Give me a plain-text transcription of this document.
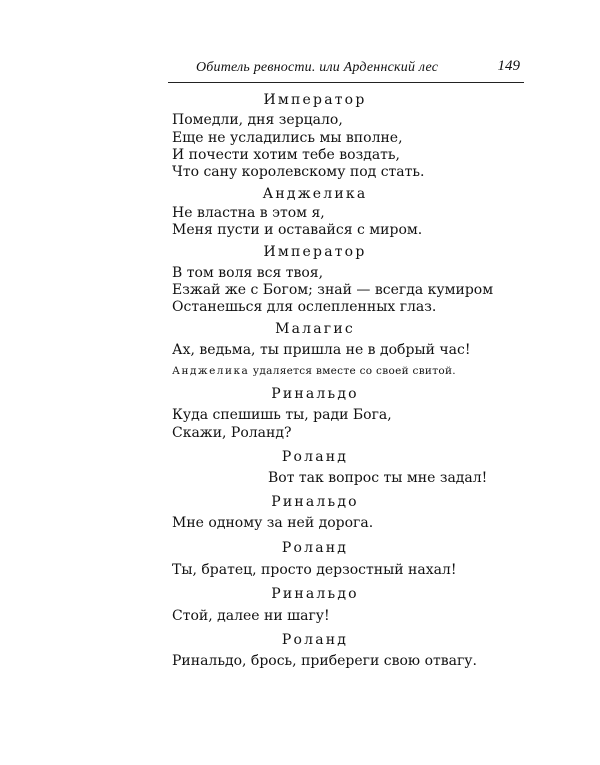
Обитель ревности. или Арденнский лес	149
Император
Помедли, дня зерцало,
Еще не усладились мы вполне,
И почести хотим тебе воздать,
Что сану королевскому под стать.
Анджелика
Не властна в этом я,
Меня пусти и оставайся с миром.
Император
В том воля вся твоя,
Езжай же с Богом; знай — всегда кумиром
Останешься для ослепленных глаз.
Малагис
Ах, ведьма, ты пришла не в добрый час!
Анджелика удаляется вместе со своей свитой.
Ринальдо
Куда спешишь ты, ради Бога,
Скажи, Роланд?
Роланд
Вот так вопрос ты мне задал!
Ринальдо
Мне одному за ней дорога.
Роланд
Ты, братец, просто дерзостный нахал!
Ринальдо
Стой, далее ни шагу!
Роланд
Ринальдо, брось, прибереги свою отвагу.
